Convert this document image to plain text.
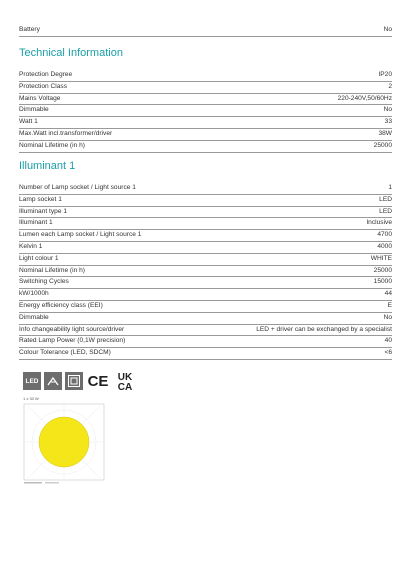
Battery	No
Technical Information
Protection Degree	IP20
Protection Class	2
Mains Voltage	220-240V,50/60Hz
Dimmable	No
Watt 1	33
Max.Watt incl.transformer/driver	38W
Nominal Lifetime (in h)	25000
Illuminant 1
Number of Lamp socket / Light source 1	1
Lamp socket 1	LED
Illuminant type 1	LED
Illuminant 1	Inclusive
Lumen each Lamp socket / Light source 1	4700
Kelvin 1	4000
Light colour 1	WHITE
Nominal Lifetime (in h)	25000
Switching Cycles	15000
kW/1000h	44
Energy efficiency class (EEI)	E
Dimmable	No
Info changeability light source/driver	LED + driver can be exchanged by a specialist
Rated Lamp Power (0,1W precision)	40
Colour Tolerance (LED, SDCM)	<6
LED	CE UK
CA
1 x 33 W
